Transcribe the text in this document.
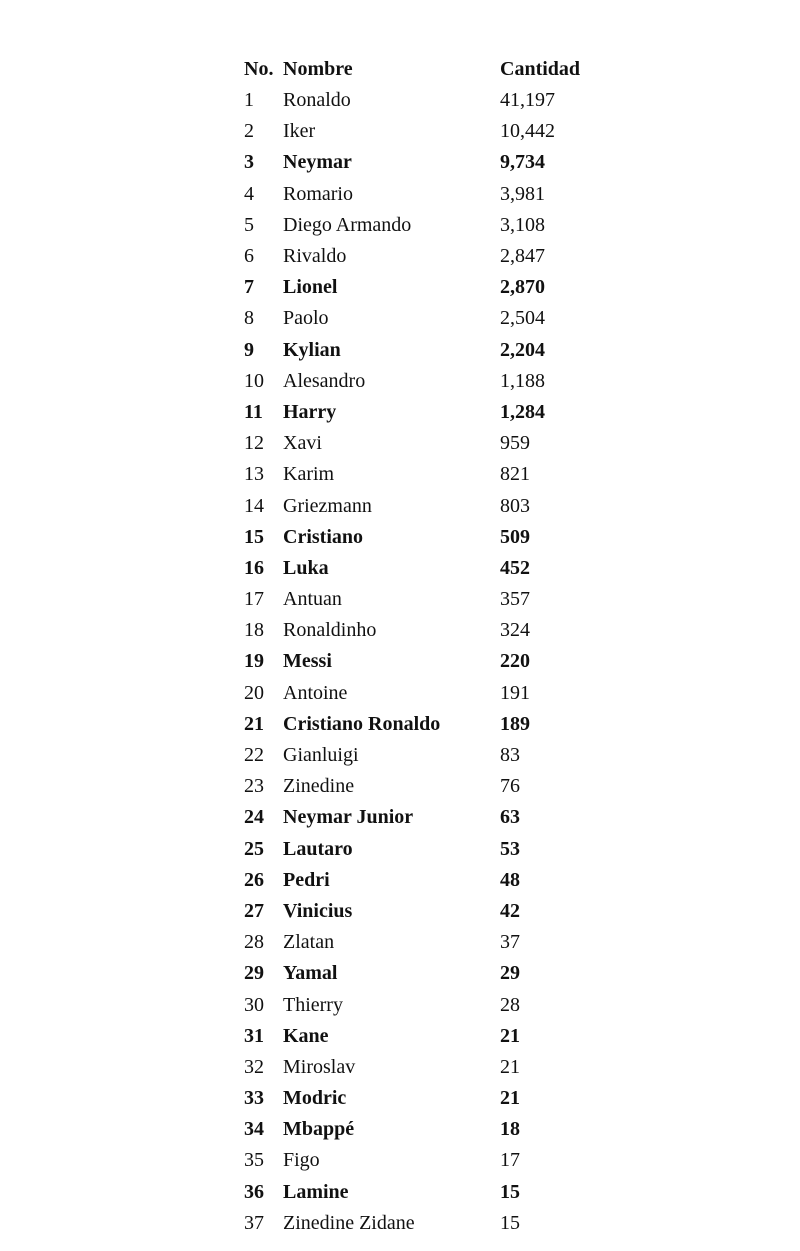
No.	Nombre	Cantidad
1	Ronaldo	41,197
2	Iker	10,442
3	Neymar	9,734
4	Romario	3,981
5	Diego Armando	3,108
6	Rivaldo	2,847
7	Lionel	2,870
8	Paolo	2,504
9	Kylian	2,204
10	Alesandro	1,188
11	Harry	1,284
12	Xavi	959
13	Karim	821
14	Griezmann	803
15	Cristiano	509
16	Luka	452
17	Antuan	357
18	Ronaldinho	324
19	Messi	220
20	Antoine	191
21	Cristiano Ronaldo	189
22	Gianluigi	83
23	Zinedine	76
24	Neymar Junior	63
25	Lautaro	53
26	Pedri	48
27	Vinicius	42
28	Zlatan	37
29	Yamal	29
30	Thierry	28
31	Kane	21
32	Miroslav	21
33	Modric	21
34	Mbappé	18
35	Figo	17
36	Lamine	15
37	Zinedine Zidane	15
